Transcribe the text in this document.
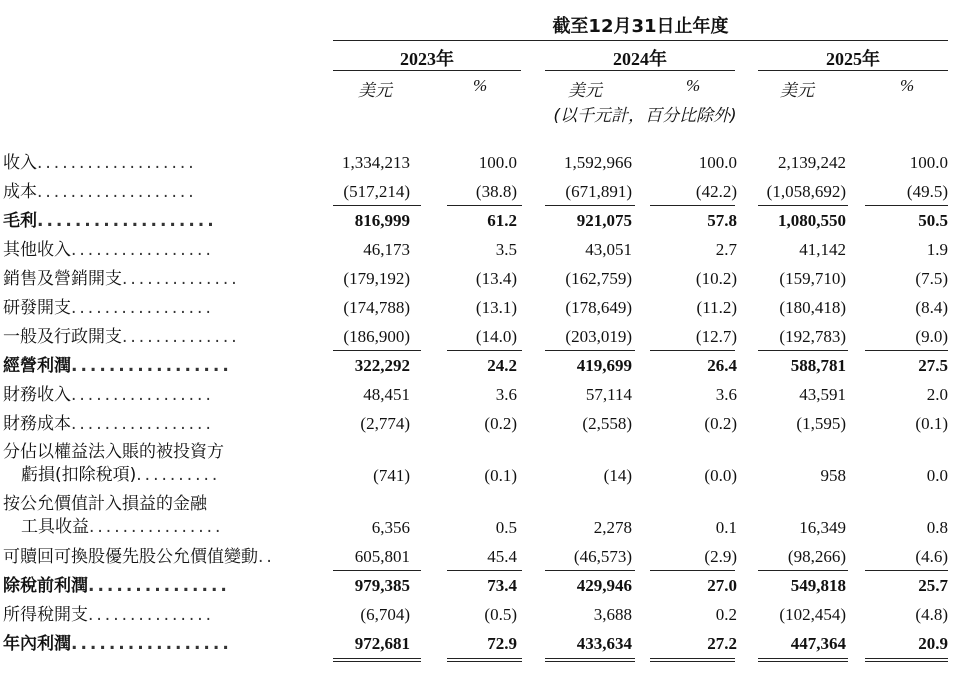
截至12月31日止年度
2023年	2024年	2025年
美元	%	美元	%	美元	%
(以千元計，百分比除外)
收入...................	1,334,213	100.0	1,592,966	100.0 2,139,242	100.0
成本...................	(517,214)	(38.8)	(671,891)	(42.2) (1,058,692)	(49.5)
毛利...................	816,999	61.2	921,075	57.8 1,080,550	50.5
其他收入.................	46,173	3.5	43,051	2.7	41,142	1.9
銷售及營銷開支..............	(179,192)	(13.4)	(162,759)	(10.2) (159,710)	(7.5)
研發開支.................	(174,788)	(13.1)	(178,649)	(11.2) (180,418)	(8.4)
一般及行政開支..............	(186,900)	(14.0)	(203,019)	(12.7) (192,783)	(9.0)
經營利潤.................	322,292	24.2	419,699	26.4	588,781	27.5
財務收入.................	48,451	3.6	57,114	3.6	43,591	2.0
財務成本.................	(2,774)	(0.2)	(2,558)	(0.2)	(1,595)	(0.1)
分佔以權益法入賬的被投資方
虧損(扣除稅項)..........	(741)	(0.1)	(14)	(0.0)	958	0.0
按公允價值計入損益的金融
工具收益................	6,356	0.5	2,278	0.1	16,349	0.8
可贖回可換股優先股公允價值變動..	605,801	45.4	(46,573)	(2.9)	(98,266)	(4.6)
除稅前利潤...............	979,385	73.4	429,946	27.0	549,818	25.7
所得稅開支...............	(6,704)	(0.5)	3,688	0.2 (102,454)	(4.8)
年內利潤.................	972,681	72.9	433,634	27.2	447,364	20.9
